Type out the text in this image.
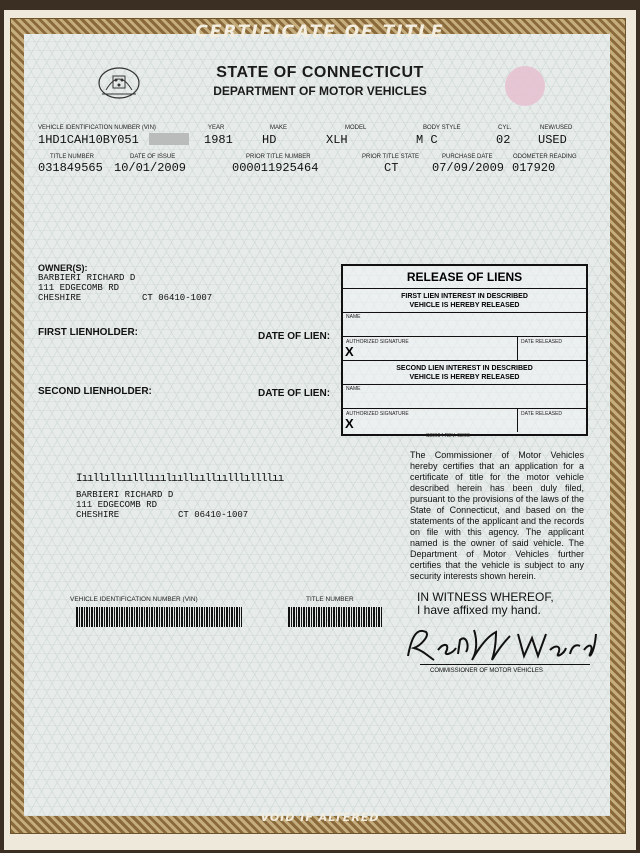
CERTIFICATE OF TITLE
VOID IF ALTERED
STATE OF CONNECTICUT
DEPARTMENT OF MOTOR VEHICLES
VEHICLE IDENTIFICATION NUMBER (VIN)
1HD1CAH10BY051
YEAR
1981
MAKE
HD
MODEL
XLH
BODY STYLE
M C
CYL.
02
NEW/USED
USED
TITLE NUMBER
031849565
DATE OF ISSUE
10/01/2009
PRIOR TITLE NUMBER
000011925464
PRIOR TITLE STATE
CT
PURCHASE DATE
07/09/2009
ODOMETER READING
017920
OWNER(S):
BARBIERI RICHARD D
111 EDGECOMB RD
CHESHIRE	CT 06410-1007
FIRST LIENHOLDER:	DATE OF LIEN:
SECOND LIENHOLDER:	DATE OF LIEN:
RELEASE OF LIENS
FIRST LIEN INTEREST IN DESCRIBED
VEHICLE IS HEREBY RELEASED
NAME
AUTHORIZED SIGNATURE	DATE RELEASED
X
SECOND LIEN INTEREST IN DESCRIBED
VEHICLE IS HEREBY RELEASED
NAME
AUTHORIZED SIGNATURE	DATE RELEASED
X
S80604 REV. 03/08
Iııllıllıılllııılııllııllıılllıllllıı
BARBIERI RICHARD D
111 EDGECOMB RD
CHESHIRE	CT 06410-1007
The Commissioner of Motor Vehicles hereby certifies that an application for a certificate of title for the motor vehicle described herein has been duly filed, pursuant to the provisions of the laws of the State of Connecticut, and based on the statements of the applicant and the records on file with this agency. The applicant named is the owner of said vehicle. The Department of Motor Vehicles further certifies that the vehicle is subject to any security interests shown herein.
IN WITNESS WHEREOF,
I have affixed my hand.
COMMISSIONER OF MOTOR VEHICLES
VEHICLE IDENTIFICATION NUMBER (VIN)	TITLE NUMBER
